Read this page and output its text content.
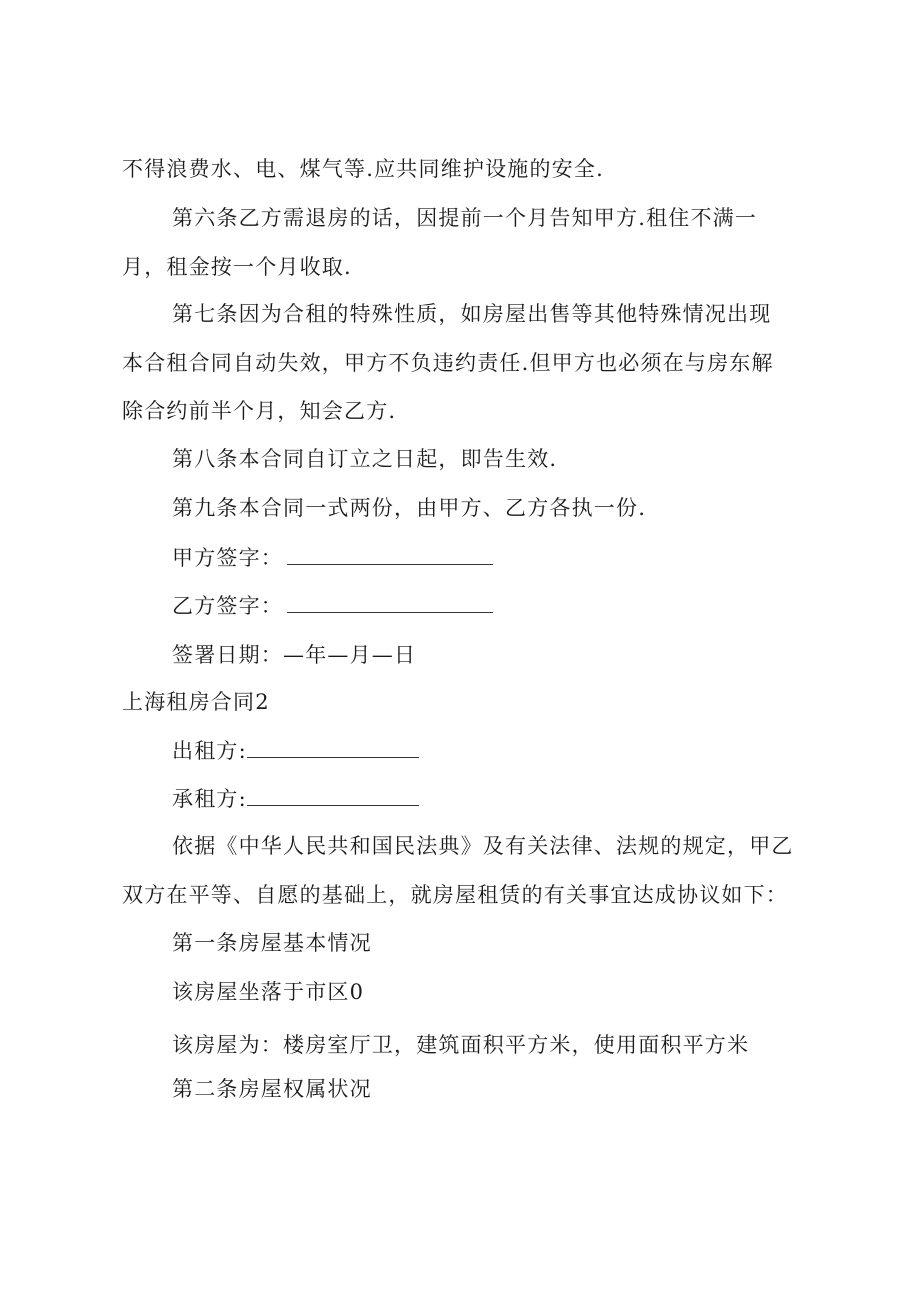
不得浪费水、电、煤气等.应共同维护设施的安全.
第六条乙方需退房的话，因提前一个月告知甲方.租住不满一
月，租金按一个月收取.
第七条因为合租的特殊性质，如房屋出售等其他特殊情况出现
本合租合同自动失效，甲方不负违约责任.但甲方也必须在与房东解
除合约前半个月，知会乙方.
第八条本合同自订立之日起，即告生效.
第九条本合同一式两份，由甲方、乙方各执一份.
甲方签字：
乙方签字：
签署日期：—年—月—日
上海租房合同2
出租方:
承租方:
依据《中华人民共和国民法典》及有关法律、法规的规定，甲乙
双方在平等、自愿的基础上，就房屋租赁的有关事宜达成协议如下：
第一条房屋基本情况
该房屋坐落于市区0
该房屋为：楼房室厅卫，建筑面积平方米，使用面积平方米
第二条房屋权属状况
